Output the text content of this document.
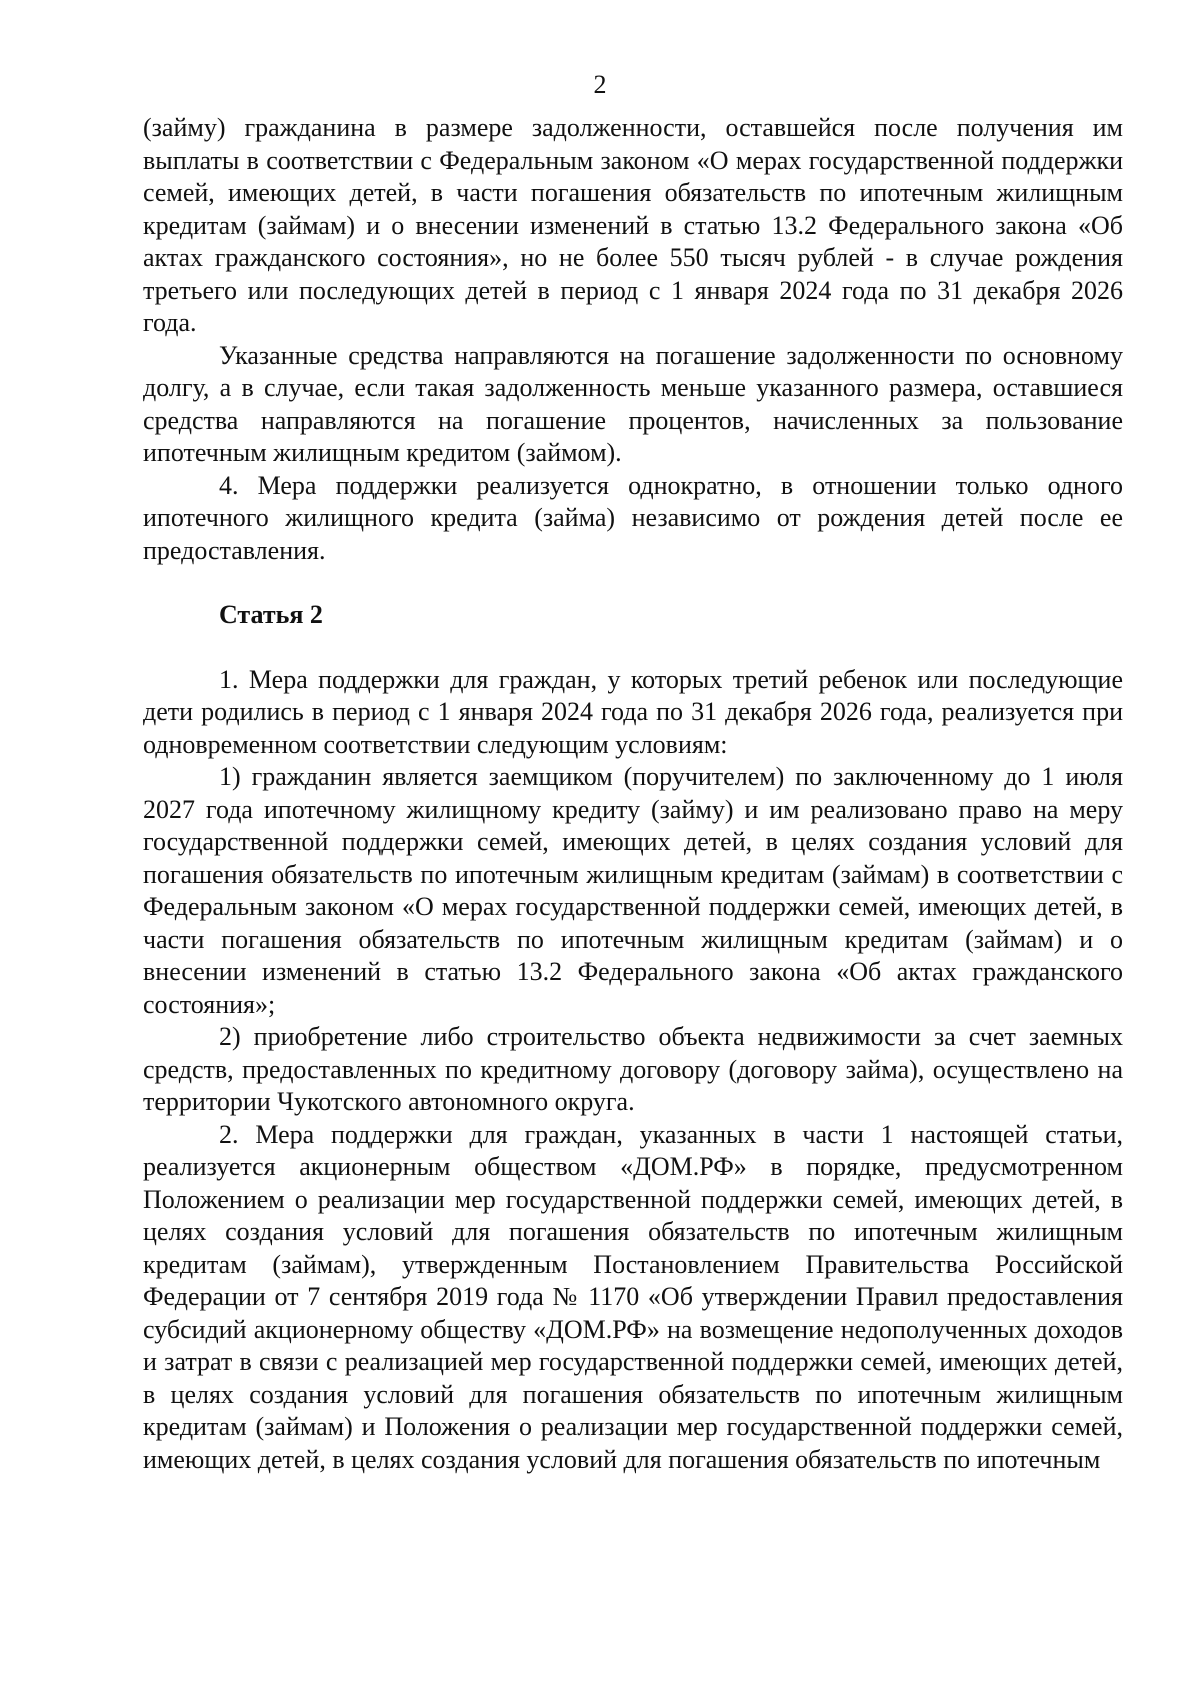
2

(займу) гражданина в размере задолженности, оставшейся после получения им выплаты в соответствии с Федеральным законом «О мерах государственной поддержки семей, имеющих детей, в части погашения обязательств по ипотечным жилищным кредитам (займам) и о внесении изменений в статью 13.2 Федерального закона «Об актах гражданского состояния», но не более 550 тысяч рублей - в случае рождения третьего или последующих детей в период с 1 января 2024 года по 31 декабря 2026 года.

Указанные средства направляются на погашение задолженности по основному долгу, а в случае, если такая задолженность меньше указанного размера, оставшиеся средства направляются на погашение процентов, начисленных за пользование ипотечным жилищным кредитом (займом).

4. Мера поддержки реализуется однократно, в отношении только одного ипотечного жилищного кредита (займа) независимо от рождения детей после ее предоставления.

Статья 2

1. Мера поддержки для граждан, у которых третий ребенок или последующие дети родились в период с 1 января 2024 года по 31 декабря 2026 года, реализуется при одновременном соответствии следующим условиям:

1) гражданин является заемщиком (поручителем) по заключенному до 1 июля 2027 года ипотечному жилищному кредиту (займу) и им реализовано право на меру государственной поддержки семей, имеющих детей, в целях создания условий для погашения обязательств по ипотечным жилищным кредитам (займам) в соответствии с Федеральным законом «О мерах государственной поддержки семей, имеющих детей, в части погашения обязательств по ипотечным жилищным кредитам (займам) и о внесении изменений в статью 13.2 Федерального закона «Об актах гражданского состояния»;

2) приобретение либо строительство объекта недвижимости за счет заемных средств, предоставленных по кредитному договору (договору займа), осуществлено на территории Чукотского автономного округа.

2. Мера поддержки для граждан, указанных в части 1 настоящей статьи, реализуется акционерным обществом «ДОМ.РФ» в порядке, предусмотренном Положением о реализации мер государственной поддержки семей, имеющих детей, в целях создания условий для погашения обязательств по ипотечным жилищным кредитам (займам), утвержденным Постановлением Правительства Российской Федерации от 7 сентября 2019 года № 1170 «Об утверждении Правил предоставления субсидий акционерному обществу «ДОМ.РФ» на возмещение недополученных доходов и затрат в связи с реализацией мер государственной поддержки семей, имеющих детей, в целях создания условий для погашения обязательств по ипотечным жилищным кредитам (займам) и Положения о реализации мер государственной поддержки семей, имеющих детей, в целях создания условий для погашения обязательств по ипотечным
